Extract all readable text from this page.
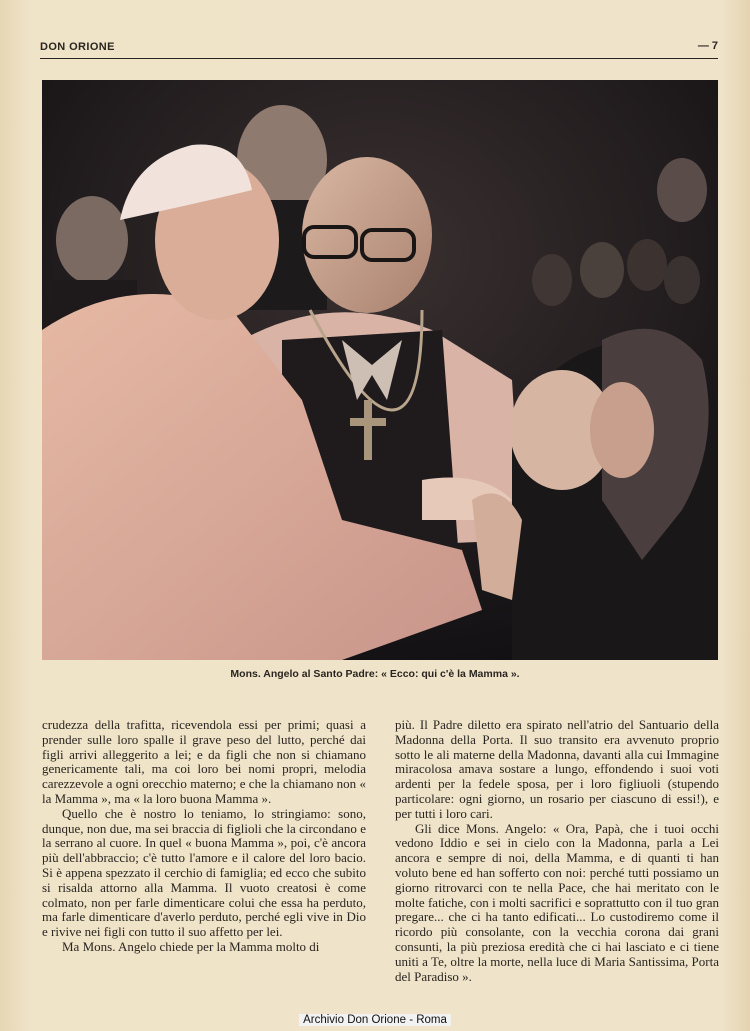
DON ORIONE	— 7
Mons. Angelo al Santo Padre: « Ecco: qui c'è la Mamma ».

crudezza della trafitta, ricevendola essi per primi; quasi a prender sulle loro spalle il grave peso del lutto, perché dai figli arrivi alleggerito a lei; e da figli che non si chiamano genericamente tali, ma coi loro bei nomi propri, melodia carezzevole a ogni orecchio materno; e che la chiamano non « la Mamma », ma « la loro buona Mamma ».

Quello che è nostro lo teniamo, lo stringiamo: sono, dunque, non due, ma sei braccia di figlioli che la circondano e la serrano al cuore. In quel « buona Mamma », poi, c'è ancora più dell'abbraccio; c'è tutto l'amore e il calore del loro bacio. Si è appena spezzato il cerchio di famiglia; ed ecco che subito si risalda attorno alla Mamma. Il vuoto creatosi è come colmato, non per farle dimenticare colui che essa ha perduto, ma farle dimenticare d'averlo perduto, perché egli vive in Dio e rivive nei figli con tutto il suo affetto per lei.

Ma Mons. Angelo chiede per la Mamma molto di

più. Il Padre diletto era spirato nell'atrio del Santuario della Madonna della Porta. Il suo transito era avvenuto proprio sotto le ali materne della Madonna, davanti alla cui Immagine miracolosa amava sostare a lungo, effondendo i suoi voti ardenti per la fedele sposa, per i loro figliuoli (stupendo particolare: ogni giorno, un rosario per ciascuno di essi!), e per tutti i loro cari.

Gli dice Mons. Angelo: « Ora, Papà, che i tuoi occhi vedono Iddio e sei in cielo con la Madonna, parla a Lei ancora e sempre di noi, della Mamma, e di quanti ti han voluto bene ed han sofferto con noi: perché tutti possiamo un giorno ritrovarci con te nella Pace, che hai meritato con le molte fatiche, con i molti sacrifici e soprattutto con il tuo gran pregare... che ci ha tanto edificati... Lo custodiremo come il ricordo più consolante, con la vecchia corona dai grani consunti, la più preziosa eredità che ci hai lasciato e ci tiene uniti a Te, oltre la morte, nella luce di Maria Santissima, Porta del Paradiso ».

Archivio Don Orione - Roma
